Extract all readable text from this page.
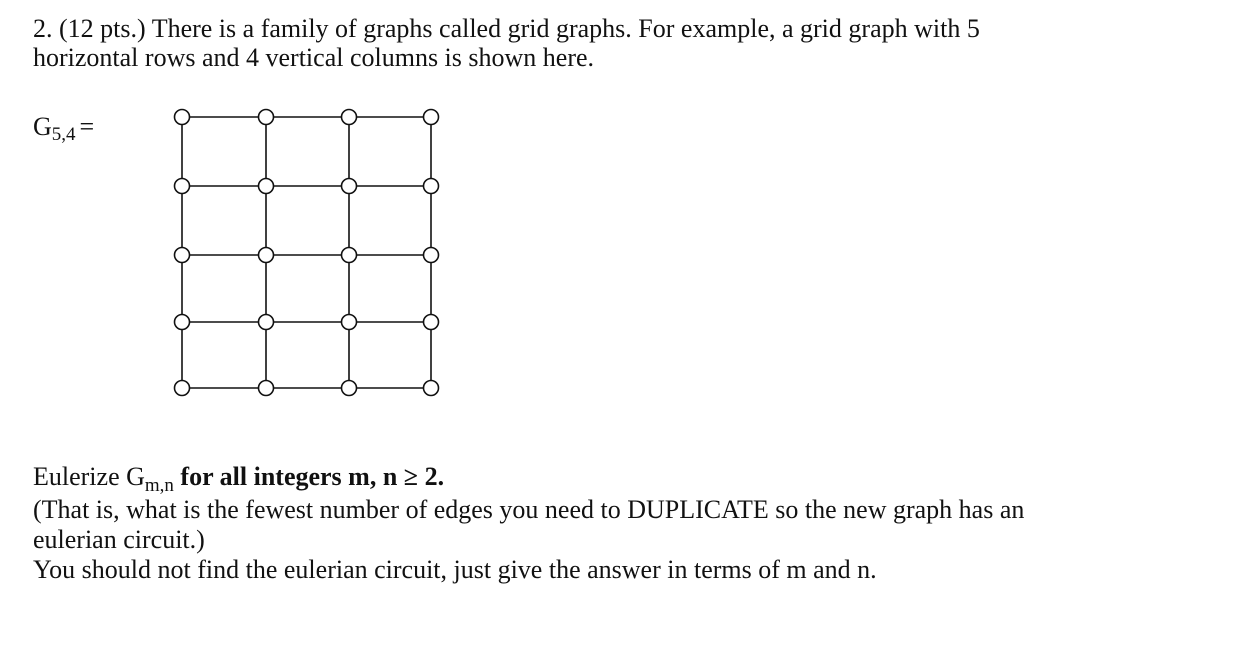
2. (12 pts.) There is a family of graphs called grid graphs. For example, a grid graph with 5

horizontal rows and 4 vertical columns is shown here.

G5,4 =

Eulerize $G_{m,n}$ for all integers m, n ≥ 2.

(That is, what is the fewest number of edges you need to DUPLICATE so the new graph has an

eulerian circuit.)

You should not find the eulerian circuit, just give the answer in terms of m and n.
